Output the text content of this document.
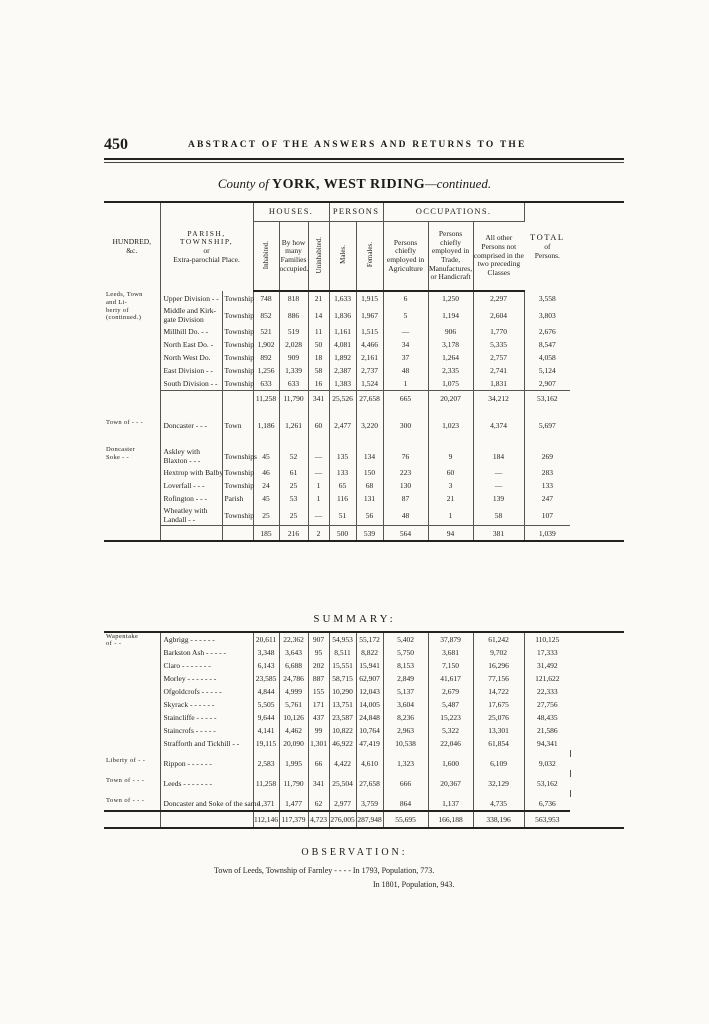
450	ABSTRACT OF THE ANSWERS AND RETURNS TO THE
County of YORK, WEST RIDING—continued.
HUNDRED,
&c.	PARISH,
TOWNSHIP,
or
Extra-parochial Place.		HOUSES.			PERSONS		OCCUPATIONS.			TOTAL
of
Persons.
			Inhabited.	By how many Families occupied.	Uninhabited.	Males.	Females.	Persons chiefly employed in Agriculture	Persons chiefly employed in Trade, Manufactures, or Handicraft	All other Persons not comprised in the two preceding Classes	

Leeds, Town
and Li-
berty of
(continued.)	Upper Division - -	Township	748	818	21	1,633	1,915	6	1,250	2,297	3,558
	Middle and Kirk-gate Division	Township	852	886	14	1,836	1,967	5	1,194	2,604	3,803
	Millhill Do. - -	Township	521	519	11	1,161	1,515	—	906	1,770	2,676
	North East Do. -	Township	1,902	2,028	50	4,081	4,466	34	3,178	5,335	8,547
	North West Do.	Township	892	909	18	1,892	2,161	37	1,264	2,757	4,058
	East Division - -	Township	1,256	1,339	58	2,387	2,737	48	2,335	2,741	5,124
	South Division - -	Township	633	633	16	1,383	1,524	1	1,075	1,831	2,907
			11,258	11,790	341	25,526	27,658	665	20,207	34,212	53,162

Town of - - -	Doncaster - - -	Town	1,186	1,261	60	2,477	3,220	300	1,023	4,374	5,697

Doncaster
Soke - -	Askley with Blaxton - - -	Townships	45	52	—	135	134	76	9	184	269
	Hextrop with Balby	Township	46	61	—	133	150	223	60	—	283
	Loverfall - - -	Township	24	25	1	65	68	130	3	—	133
	Rofington - - -	Parish	45	53	1	116	131	87	21	139	247
	Wheatley with Landall - -	Township	25	25	—	51	56	48	1	58	107
			185	216	2	500	539	564	94	381	1,039
SUMMARY:
Wapentake
of - -	Agbrigg - - - - - -	20,611	22,362	907	54,953	55,172	5,402	37,879	61,242	110,125	
	Barkston Ash - - - - -	3,348	3,643	95	8,511	8,822	5,750	3,681	9,702	17,333	
	Claro - - - - - - -	6,143	6,688	202	15,551	15,941	8,153	7,150	16,296	31,492	
	Morley - - - - - - -	23,585	24,786	887	58,715	62,907	2,849	41,617	77,156	121,622	
	Ofgoldcrofs - - - - -	4,844	4,999	155	10,290	12,043	5,137	2,679	14,722	22,333	
	Skyrack - - - - - -	5,505	5,761	171	13,751	14,005	3,604	5,487	17,675	27,756	
	Staincliffe - - - - -	9,644	10,126	437	23,587	24,848	8,236	15,223	25,076	48,435	
	Staincrofs - - - - -	4,141	4,462	99	10,822	10,764	2,963	5,322	13,301	21,586	
	Strafforth and Tickhill - -	19,115	20,090	1,301	46,922	47,419	10,538	22,046	61,854	94,341	

Liberty of - -	Rippon - - - - - -	2,583	1,995	66	4,422	4,610	1,323	1,600	6,109	9,032	

Town of - - -	Leeds - - - - - - -	11,258	11,790	341	25,504	27,658	666	20,367	32,129	53,162	

Town of - - -	Doncaster and Soke of the same	1,371	1,477	62	2,977	3,759	864	1,137	4,735	6,736	
		112,146	117,379	4,723	276,005	287,948	55,695	166,188	338,196	563,953	
OBSERVATION:
Town of Leeds, Township of Farnley - - - - In 1793, Population, 773.
In 1801, Population, 943.
